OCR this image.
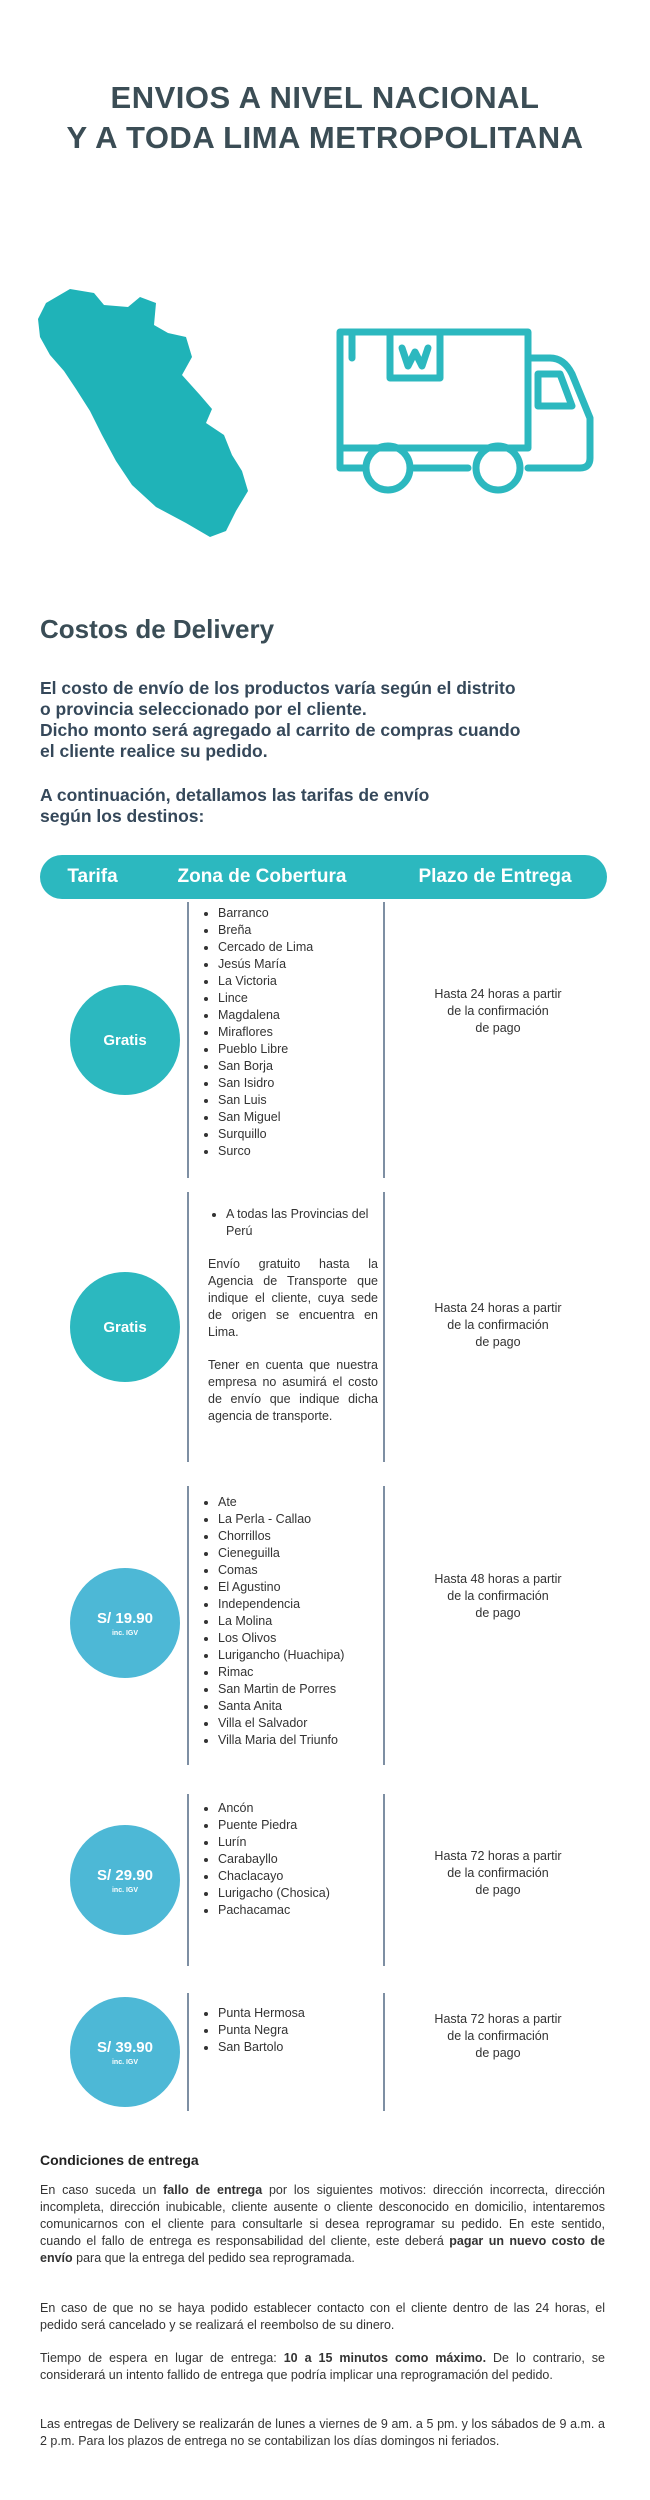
ENVIOS A NIVEL NACIONAL
Y A TODA LIMA METROPOLITANA
Costos de Delivery

El costo de envío de los productos varía según el distrito
o provincia seleccionado por el cliente.
Dicho monto será agregado al carrito de compras cuando
el cliente realice su pedido.

A continuación, detallamos las tarifas de envío
según los destinos:

Tarifa	Zona de Cobertura	Plazo de Entrega
Gratis
• Barranco
• Breña
• Cercado de Lima
• Jesús María
• La Victoria
• Lince
• Magdalena
• Miraflores
• Pueblo Libre
• San Borja
• San Isidro
• San Luis
• San Miguel
• Surquillo
• Surco
Hasta 24 horas a partir
de la confirmación
de pago
Gratis
• A todas las Provincias del Perú

Envío gratuito hasta la Agencia de Transporte que indique el cliente, cuya sede de origen se encuentra en Lima.

Tener en cuenta que nuestra empresa no asumirá el costo de envío que indique dicha agencia de transporte.

Hasta 24 horas a partir
de la confirmación
de pago
S/ 19.90
inc. IGV
• Ate
• La Perla - Callao
• Chorrillos
• Cieneguilla
• Comas
• El Agustino
• Independencia
• La Molina
• Los Olivos
• Lurigancho (Huachipa)
• Rimac
• San Martin de Porres
• Santa Anita
• Villa el Salvador
• Villa Maria del Triunfo
Hasta 48 horas a partir
de la confirmación
de pago
S/ 29.90
inc. IGV
• Ancón
• Puente Piedra
• Lurín
• Carabayllo
• Chaclacayo
• Lurigacho (Chosica)
• Pachacamac
Hasta 72 horas a partir
de la confirmación
de pago
S/ 39.90
inc. IGV
• Punta Hermosa
• Punta Negra
• San Bartolo
Hasta 72 horas a partir
de la confirmación
de pago
Condiciones de entrega

En caso suceda un fallo de entrega por los siguientes motivos: dirección incorrecta, dirección incompleta, dirección inubicable, cliente ausente o cliente desconocido en domicilio, intentaremos comunicarnos con el cliente para consultarle si desea reprogramar su pedido. En este sentido, cuando el fallo de entrega es responsabilidad del cliente, este deberá pagar un nuevo costo de envío para que la entrega del pedido sea reprogramada.

En caso de que no se haya podido establecer contacto con el cliente dentro de las 24 horas, el pedido será cancelado y se realizará el reembolso de su dinero.

Tiempo de espera en lugar de entrega: 10 a 15 minutos como máximo. De lo contrario, se considerará un intento fallido de entrega que podría implicar una reprogramación del pedido.

Las entregas de Delivery se realizarán de lunes a viernes de 9 am. a 5 pm. y los sábados de 9 a.m. a 2 p.m. Para los plazos de entrega no se contabilizan los días domingos ni feriados.
